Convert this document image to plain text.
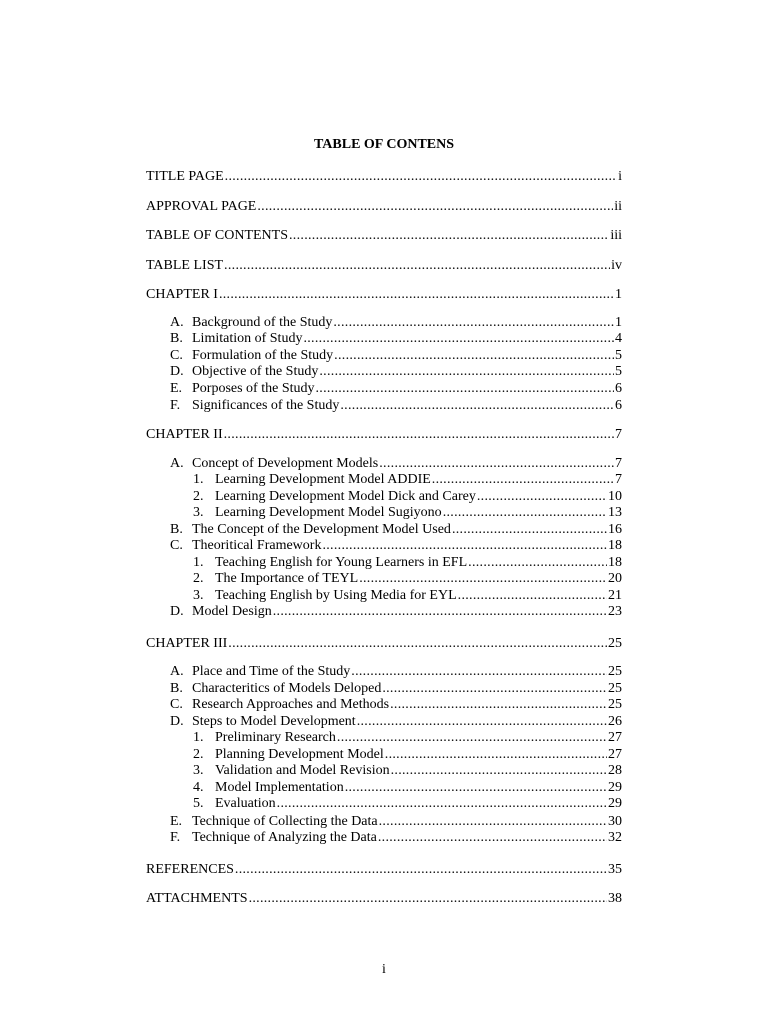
TABLE OF CONTENS
TITLE PAGE .....	i
APPROVAL PAGE .....	ii
TABLE OF CONTENTS .....	iii
TABLE LIST .....	iv
CHAPTER I .....	1
A. Background of the Study .....	1
B. Limitation of Study .....	4
C. Formulation of the Study .....	5
D. Objective of the Study .....	5
E. Porposes of the Study .....	6
F. Significances of the Study .....	6
CHAPTER II .....	7
A. Concept of Development Models .....	7
1. Learning Development Model ADDIE .....	7
2. Learning Development Model Dick and Carey .....	10
3. Learning Development Model Sugiyono .....	13
B. The Concept of the Development Model Used .....	16
C. Theoritical Framework .....	18
1. Teaching English for Young Learners in EFL .....	18
2. The Importance of TEYL .....	20
3. Teaching English by Using Media for EYL .....	21
D. Model Design .....	23
CHAPTER III .....	25
A. Place and Time of the Study .....	25
B. Characteritics of Models Deloped .....	25
C. Research Approaches and Methods .....	25
D. Steps to Model Development .....	26
1. Preliminary Research .....	27
2. Planning Development Model .....	27
3. Validation and Model Revision .....	28
4. Model Implementation .....	29
5. Evaluation .....	29
E. Technique of Collecting the Data .....	30
F. Technique of Analyzing the Data .....	32
REFERENCES .....	35
ATTACHMENTS .....	38
i
